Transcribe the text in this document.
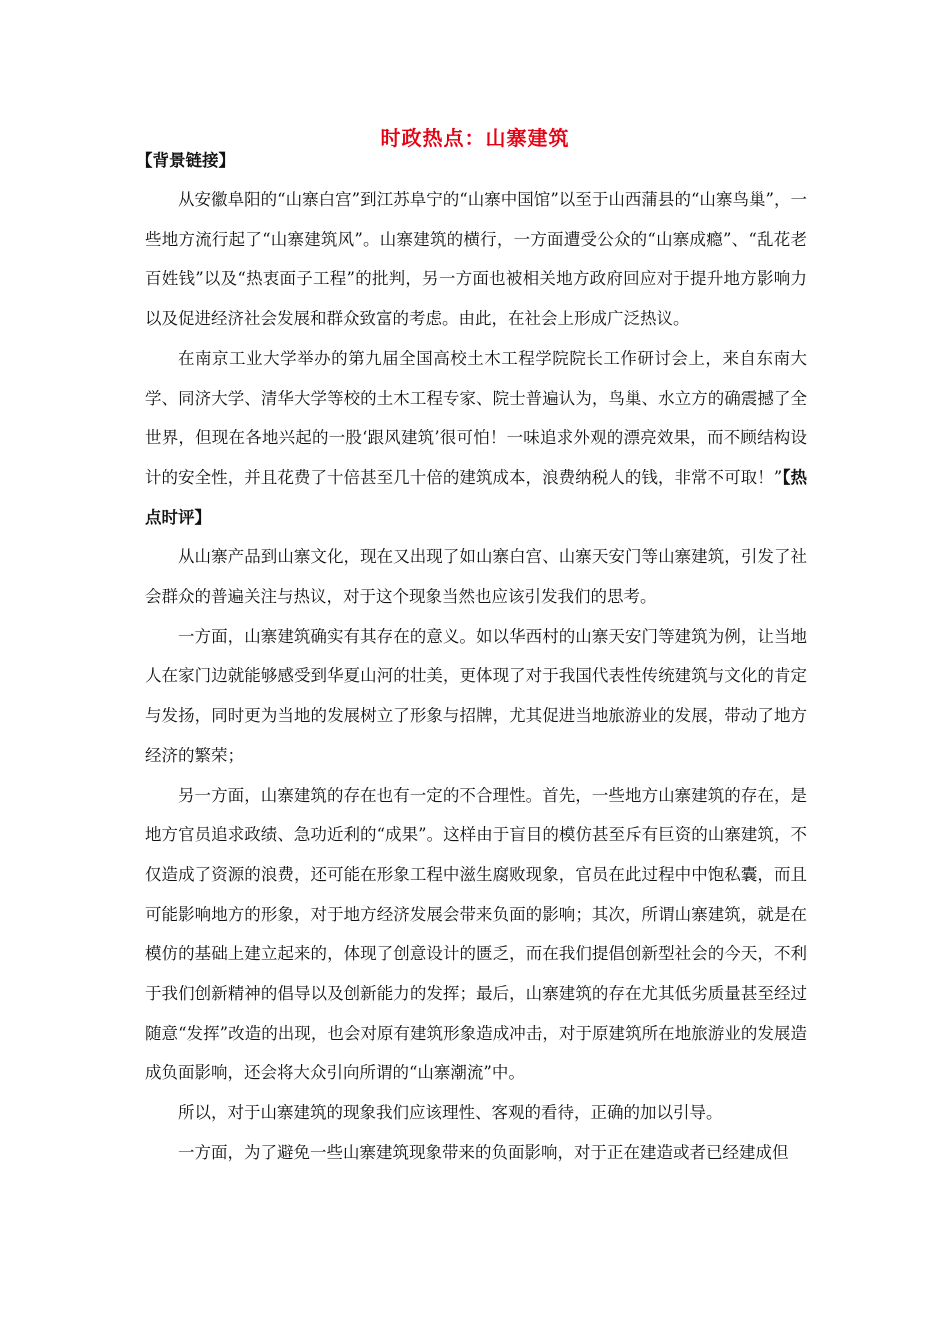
时政热点：山寨建筑
【背景链接】

从安徽阜阳的“山寨白宫”到江苏阜宁的“山寨中国馆”以至于山西蒲县的“山寨鸟巢”，一些地方流行起了“山寨建筑风”。山寨建筑的横行，一方面遭受公众的“山寨成瘾”、“乱花老百姓钱”以及“热衷面子工程”的批判，另一方面也被相关地方政府回应对于提升地方影响力以及促进经济社会发展和群众致富的考虑。由此，在社会上形成广泛热议。

在南京工业大学举办的第九届全国高校土木工程学院院长工作研讨会上，来自东南大学、同济大学、清华大学等校的土木工程专家、院士普遍认为，鸟巢、水立方的确震撼了全世界，但现在各地兴起的一股‘跟风建筑’很可怕！一味追求外观的漂亮效果，而不顾结构设计的安全性，并且花费了十倍甚至几十倍的建筑成本，浪费纳税人的钱，非常不可取！”【热点时评】

从山寨产品到山寨文化，现在又出现了如山寨白宫、山寨天安门等山寨建筑，引发了社会群众的普遍关注与热议，对于这个现象当然也应该引发我们的思考。

一方面，山寨建筑确实有其存在的意义。如以华西村的山寨天安门等建筑为例，让当地人在家门边就能够感受到华夏山河的壮美，更体现了对于我国代表性传统建筑与文化的肯定与发扬，同时更为当地的发展树立了形象与招牌，尤其促进当地旅游业的发展，带动了地方经济的繁荣；

另一方面，山寨建筑的存在也有一定的不合理性。首先，一些地方山寨建筑的存在，是地方官员追求政绩、急功近利的“成果”。这样由于盲目的模仿甚至斥有巨资的山寨建筑，不仅造成了资源的浪费，还可能在形象工程中滋生腐败现象，官员在此过程中中饱私囊，而且可能影响地方的形象，对于地方经济发展会带来负面的影响；其次，所谓山寨建筑，就是在模仿的基础上建立起来的，体现了创意设计的匮乏，而在我们提倡创新型社会的今天，不利于我们创新精神的倡导以及创新能力的发挥；最后，山寨建筑的存在尤其低劣质量甚至经过随意“发挥”改造的出现，也会对原有建筑形象造成冲击，对于原建筑所在地旅游业的发展造成负面影响，还会将大众引向所谓的“山寨潮流”中。

所以，对于山寨建筑的现象我们应该理性、客观的看待，正确的加以引导。

一方面，为了避免一些山寨建筑现象带来的负面影响，对于正在建造或者已经建成但
